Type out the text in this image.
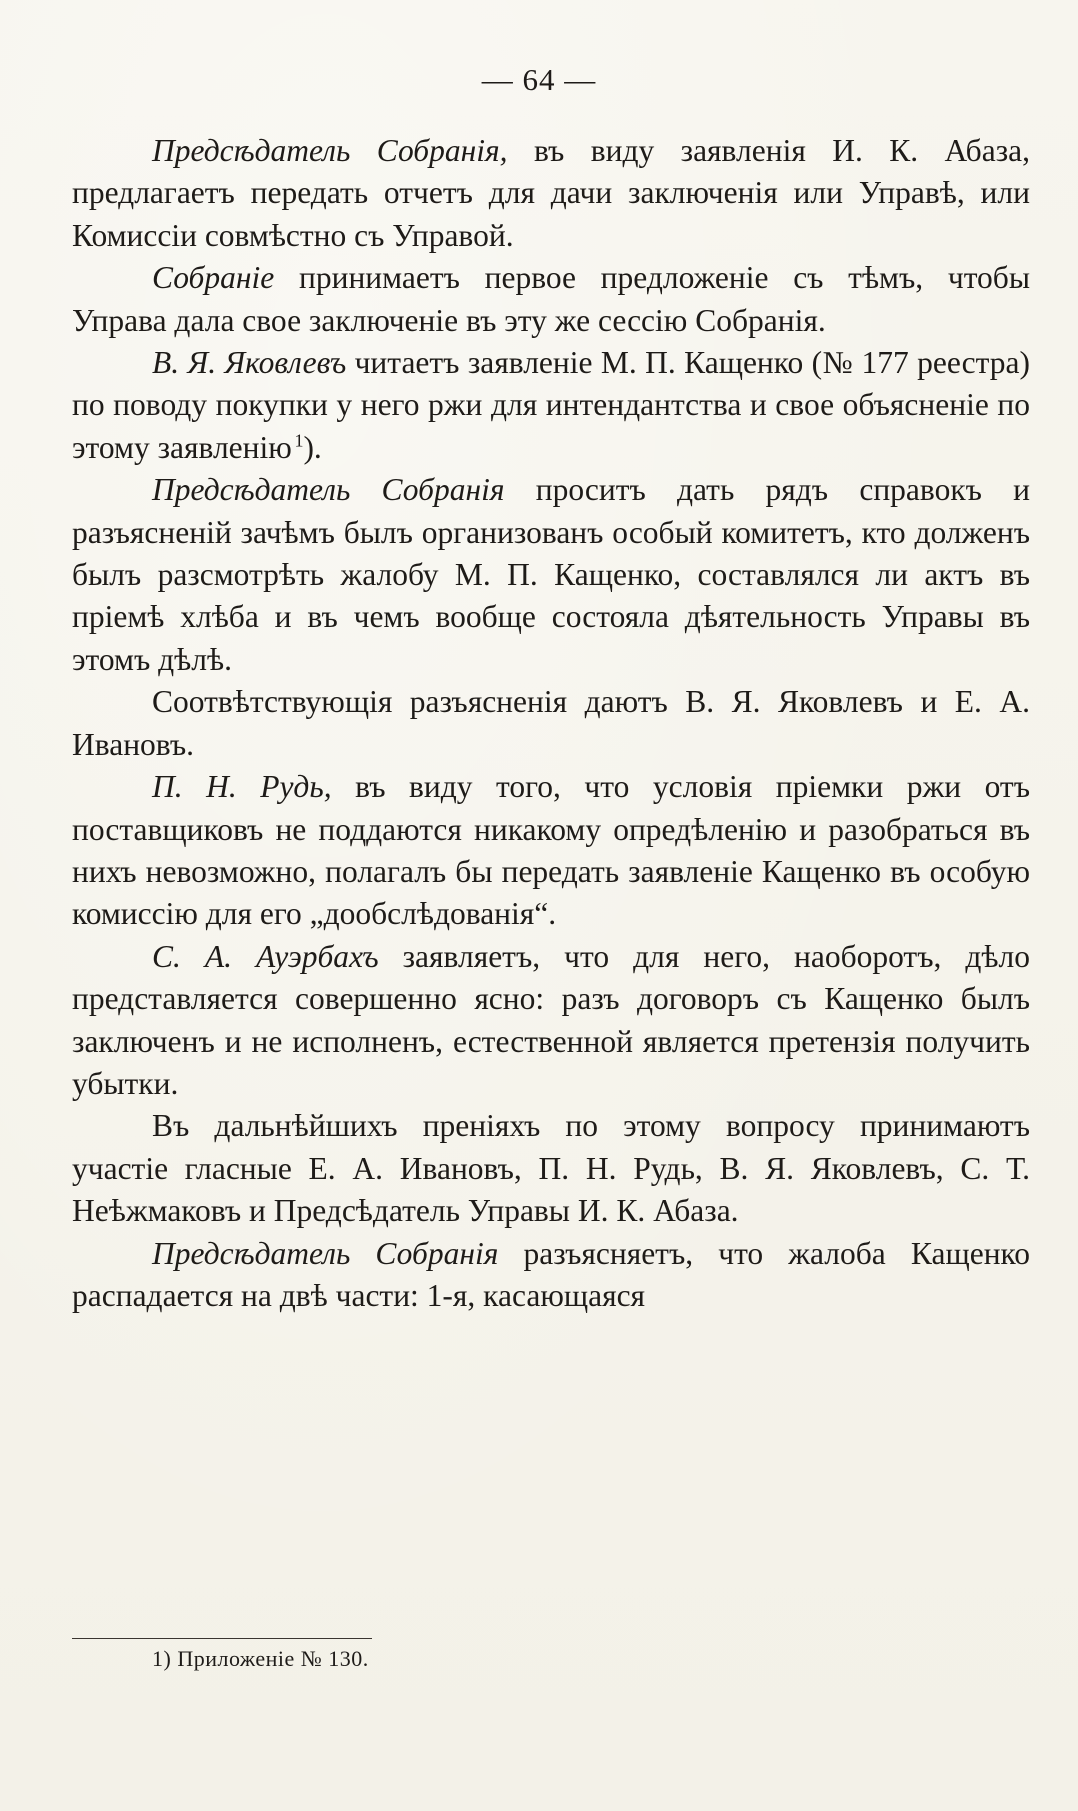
— 64 —

Предсѣдатель Собранія, въ виду заявленія И. К. Абаза, предлагаетъ передать отчетъ для дачи заключенія или Управѣ, или Комиссіи совмѣстно съ Управой.

Собраніе принимаетъ первое предложеніе съ тѣмъ, чтобы Управа дала свое заключеніе въ эту же сессію Собранія.

В. Я. Яковлевъ читаетъ заявленіе М. П. Кащенко (№ 177 реестра) по поводу покупки у него ржи для интендантства и свое объясненіе по этому заявленію  $^1$).

Предсѣдатель Собранія проситъ дать рядъ справокъ и разъясненій зачѣмъ былъ организованъ особый комитетъ, кто долженъ былъ разсмотрѣть жалобу М. П. Кащенко, составлялся ли актъ въ пріемѣ хлѣба и въ чемъ вообще состояла дѣятельность Управы въ этомъ дѣлѣ.

Соотвѣтствующія разъясненія даютъ В. Я. Яковлевъ и Е. А. Ивановъ.

П. Н. Рудь, въ виду того, что условія пріемки ржи отъ поставщиковъ не поддаются никакому опредѣленію и разобраться въ нихъ невозможно, полагалъ бы передать заявленіе Кащенко въ особую комиссію для его „дообслѣдованія“.

С. А. Ауэрбахъ заявляетъ, что для него, наоборотъ, дѣло представляется совершенно ясно: разъ договоръ съ Кащенко былъ заключенъ и не исполненъ, естественной является претензія получить убытки.

Въ дальнѣйшихъ преніяхъ по этому вопросу принимаютъ участіе гласные Е. А. Ивановъ, П. Н. Рудь, В. Я. Яковлевъ, С. Т. Неѣжмаковъ и Предсѣдатель Управы И. К. Абаза.

Предсѣдатель Собранія разъясняетъ, что жалоба Кащенко распадается на двѣ части: 1-я, касающаяся

1) Приложеніе № 130.
